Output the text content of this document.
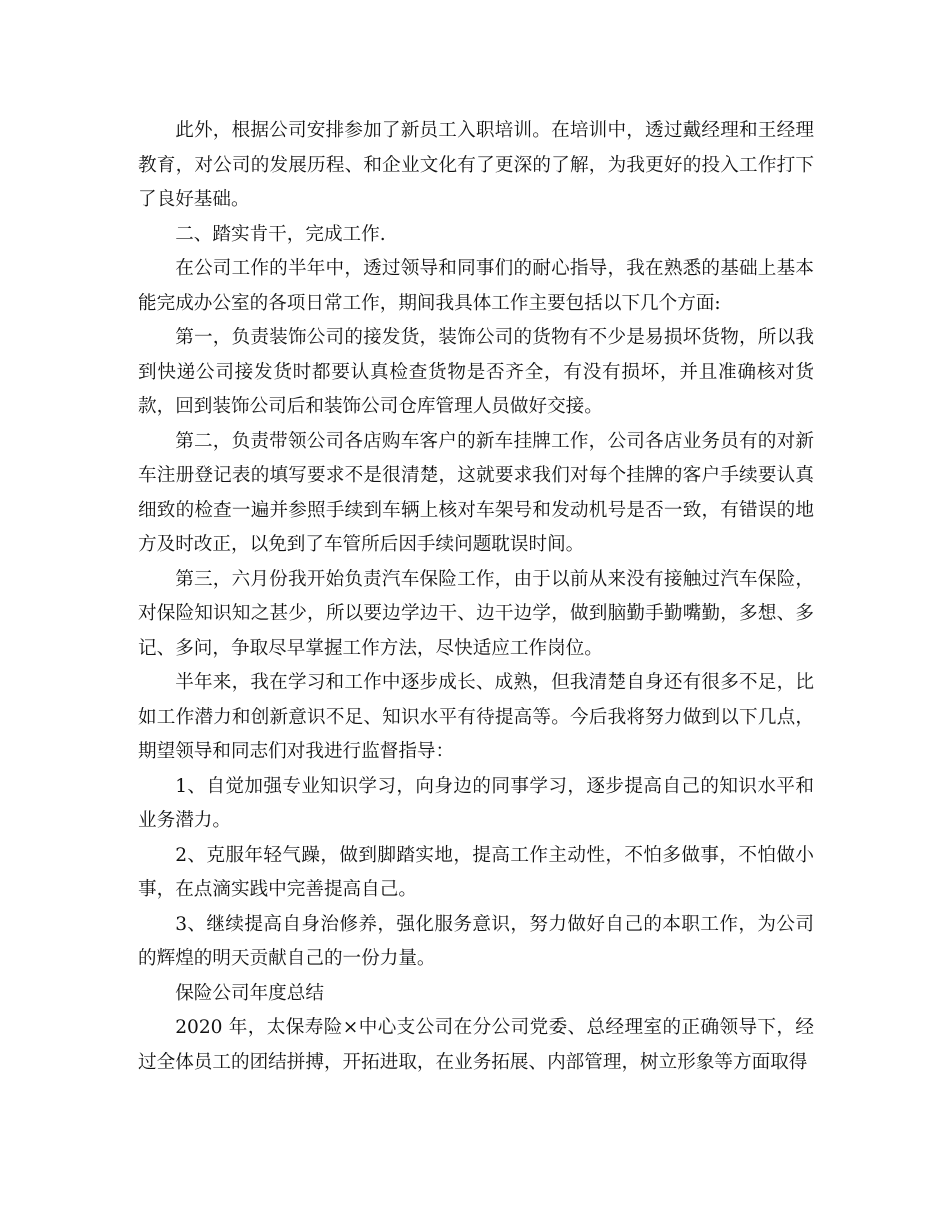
此外，根据公司安排参加了新员工入职培训。在培训中，透过戴经理和王经理教育，对公司的发展历程、和企业文化有了更深的了解，为我更好的投入工作打下了良好基础。

二、踏实肯干，完成工作.

在公司工作的半年中，透过领导和同事们的耐心指导，我在熟悉的基础上基本能完成办公室的各项日常工作，期间我具体工作主要包括以下几个方面:

第一，负责装饰公司的接发货，装饰公司的货物有不少是易损坏货物，所以我到快递公司接发货时都要认真检查货物是否齐全，有没有损坏，并且准确核对货款，回到装饰公司后和装饰公司仓库管理人员做好交接。

第二，负责带领公司各店购车客户的新车挂牌工作，公司各店业务员有的对新车注册登记表的填写要求不是很清楚，这就要求我们对每个挂牌的客户手续要认真细致的检查一遍并参照手续到车辆上核对车架号和发动机号是否一致，有错误的地方及时改正，以免到了车管所后因手续问题耽误时间。

第三，六月份我开始负责汽车保险工作，由于以前从来没有接触过汽车保险，对保险知识知之甚少，所以要边学边干、边干边学，做到脑勤手勤嘴勤，多想、多记、多问，争取尽早掌握工作方法，尽快适应工作岗位。

半年来，我在学习和工作中逐步成长、成熟，但我清楚自身还有很多不足，比如工作潜力和创新意识不足、知识水平有待提高等。今后我将努力做到以下几点，期望领导和同志们对我进行监督指导：

1、自觉加强专业知识学习，向身边的同事学习，逐步提高自己的知识水平和业务潜力。

2、克服年轻气躁，做到脚踏实地，提高工作主动性，不怕多做事，不怕做小事，在点滴实践中完善提高自己。

3、继续提高自身治修养，强化服务意识，努力做好自己的本职工作，为公司的辉煌的明天贡献自己的一份力量。

保险公司年度总结

2020 年，太保寿险×中心支公司在分公司党委、总经理室的正确领导下，经过全体员工的团结拼搏，开拓进取，在业务拓展、内部管理，树立形象等方面取得
